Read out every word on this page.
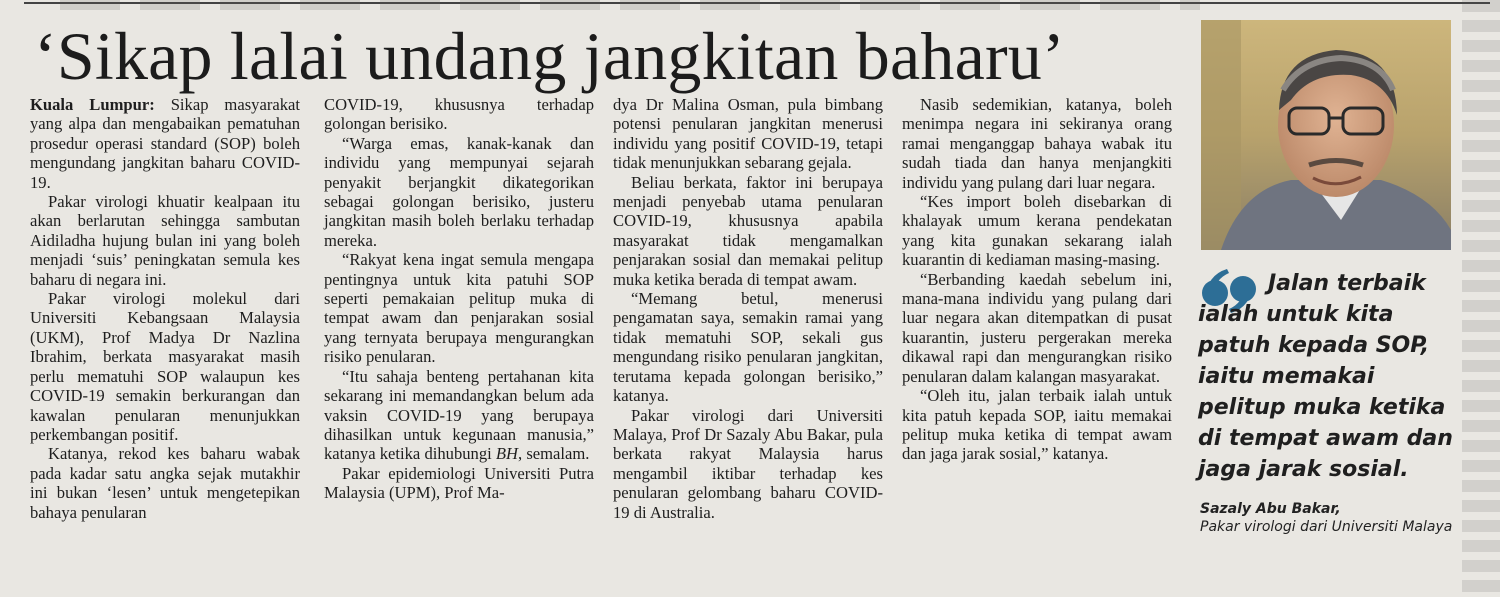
‘Sikap lalai undang jangkitan baharu’

Kuala Lumpur: Sikap masyarakat yang alpa dan mengabaikan pematuhan prosedur operasi standard (SOP) boleh mengundang jangkitan baharu COVID-19.

Pakar virologi khuatir kealpaan itu akan berlarutan sehingga sambutan Aidiladha hujung bulan ini yang boleh menjadi ‘suis’ peningkatan semula kes baharu di negara ini.

Pakar virologi molekul dari Universiti Kebangsaan Malaysia (UKM), Prof Madya Dr Nazlina Ibrahim, berkata masyarakat masih perlu mematuhi SOP walaupun kes COVID-19 semakin berkurangan dan kawalan penularan menunjukkan perkembangan positif.

Katanya, rekod kes baharu wabak pada kadar satu angka sejak mutakhir ini bukan ‘lesen’ untuk mengetepikan bahaya penularan

COVID-19, khususnya terhadap golongan berisiko.

“Warga emas, kanak-kanak dan individu yang mempunyai sejarah penyakit berjangkit dikategorikan sebagai golongan berisiko, justeru jangkitan masih boleh berlaku terhadap mereka.

“Rakyat kena ingat semula mengapa pentingnya untuk kita patuhi SOP seperti pemakaian pelitup muka di tempat awam dan penjarakan sosial yang ternyata berupaya mengurangkan risiko penularan.

“Itu sahaja benteng pertahanan kita sekarang ini memandangkan belum ada vaksin COVID-19 yang berupaya dihasilkan untuk kegunaan manusia,” katanya ketika dihubungi BH, semalam.

Pakar epidemiologi Universiti Putra Malaysia (UPM), Prof Ma-

dya Dr Malina Osman, pula bimbang potensi penularan jangkitan menerusi individu yang positif COVID-19, tetapi tidak menunjukkan sebarang gejala.

Beliau berkata, faktor ini berupaya menjadi penyebab utama penularan COVID-19, khususnya apabila masyarakat tidak mengamalkan penjarakan sosial dan memakai pelitup muka ketika berada di tempat awam.

“Memang betul, menerusi pengamatan saya, semakin ramai yang tidak mematuhi SOP, sekali gus mengundang risiko penularan jangkitan, terutama kepada golongan berisiko,” katanya.

Pakar virologi dari Universiti Malaya, Prof Dr Sazaly Abu Bakar, pula berkata rakyat Malaysia harus mengambil iktibar terhadap kes penularan gelombang baharu COVID-19 di Australia.

Nasib sedemikian, katanya, boleh menimpa negara ini sekiranya orang ramai menganggap bahaya wabak itu sudah tiada dan hanya menjangkiti individu yang pulang dari luar negara.

“Kes import boleh disebarkan di khalayak umum kerana pendekatan yang kita gunakan sekarang ialah kuarantin di kediaman masing-masing.

“Berbanding kaedah sebelum ini, mana-mana individu yang pulang dari luar negara akan ditempatkan di pusat kuarantin, justeru pergerakan mereka dikawal rapi dan mengurangkan risiko penularan dalam kalangan masyarakat.

“Oleh itu, jalan terbaik ialah untuk kita patuh kepada SOP, iaitu memakai pelitup muka ketika di tempat awam dan jaga jarak sosial,” katanya.

Jalan terbaik ialah untuk kita patuh kepada SOP, iaitu memakai pelitup muka ketika di tempat awam dan jaga jarak sosial.

Sazaly Abu Bakar,
Pakar virologi dari Universiti Malaya
